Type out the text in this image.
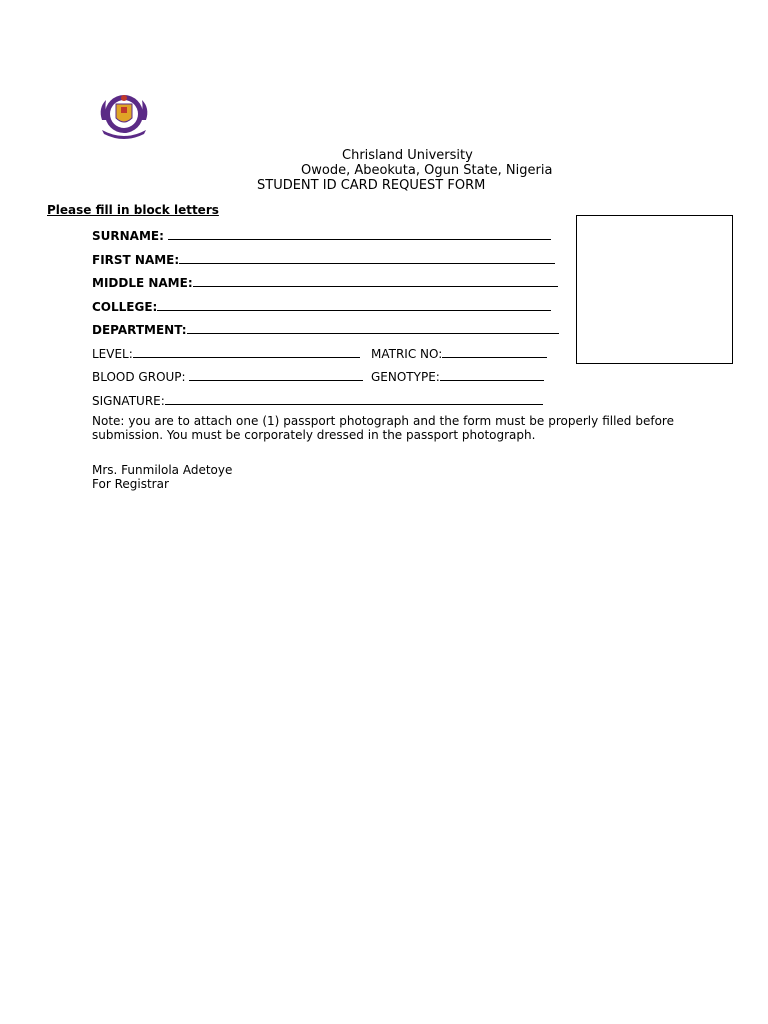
Chrisland University
Owode, Abeokuta, Ogun State, Nigeria
STUDENT ID CARD REQUEST FORM
Please fill in block letters
SURNAME:
FIRST NAME:
MIDDLE NAME:
COLLEGE:
DEPARTMENT:
LEVEL:	MATRIC NO:
BLOOD GROUP:	GENOTYPE:
SIGNATURE:
Note: you are to attach one (1) passport photograph and the form must be properly filled before submission. You must be corporately dressed in the passport photograph.
Mrs. Funmilola Adetoye
For Registrar
